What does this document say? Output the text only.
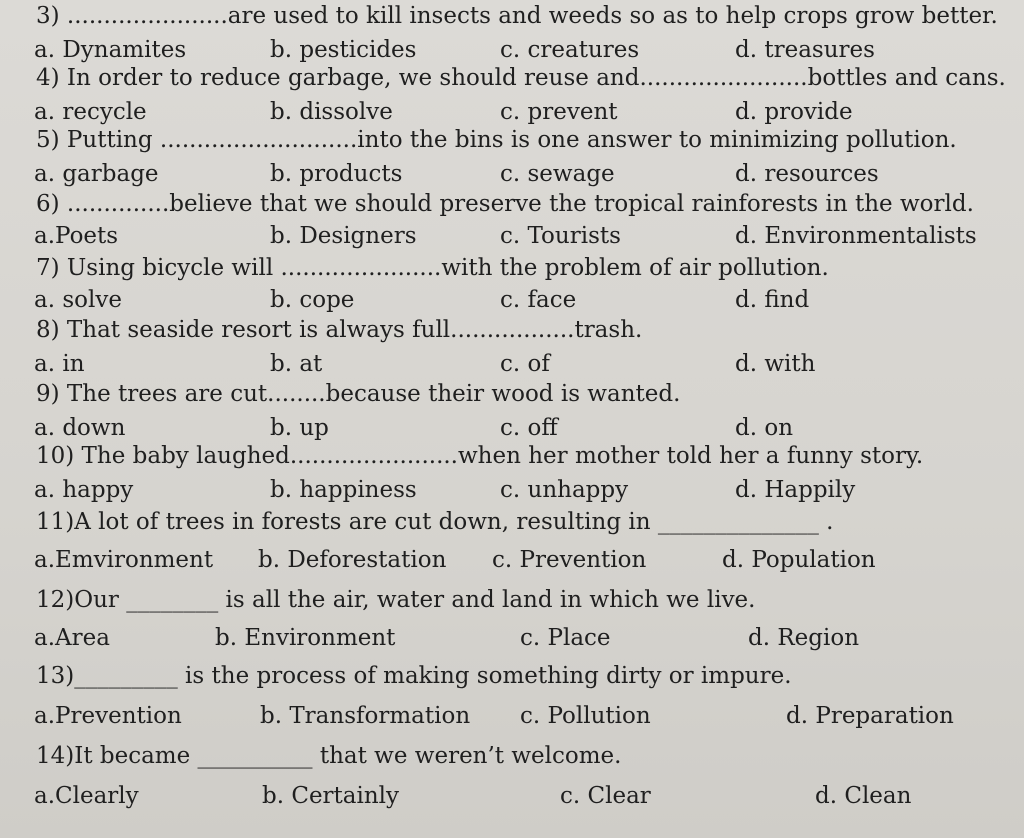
3) ......................are used to kill insects and weeds so as to help crops grow better.
a. Dynamites	b. pesticides	c. creatures	d. treasures
4) In order to reduce garbage, we should reuse and.......................bottles and cans.
a. recycle	b. dissolve	c. prevent	d. provide
5) Putting ...........................into the bins is one answer to minimizing pollution.
a. garbage	b. products	c. sewage	d. resources
6) ..............believe that we should preserve the tropical rainforests in the world.
a.Poets	b. Designers	c. Tourists	d. Environmentalists
7) Using bicycle will ......................with the problem of air pollution.
a. solve	b. cope	c. face	d. find
8) That seaside resort is always full.................trash.
a. in	b. at	c. of	d. with
9) The trees are cut........because their wood is wanted.
a. down	b. up	c. off	d. on
10) The baby laughed.......................when her mother told her a funny story.
a. happy	b. happiness	c. unhappy	d. Happily
11)A lot of trees in forests are cut down, resulting in ______________ .
a.Emvironment b. Deforestation c. Prevention	d. Population
12)Our ________ is all the air, water and land in which we live.
a.Area	b. Environment	c. Place	d. Region
13)_________ is the process of making something dirty or impure.
a.Prevention	b. Transformation c. Pollution	d. Preparation
14)It became __________ that we weren’t welcome.
a.Clearly	b. Certainly	c. Clear	d. Clean
